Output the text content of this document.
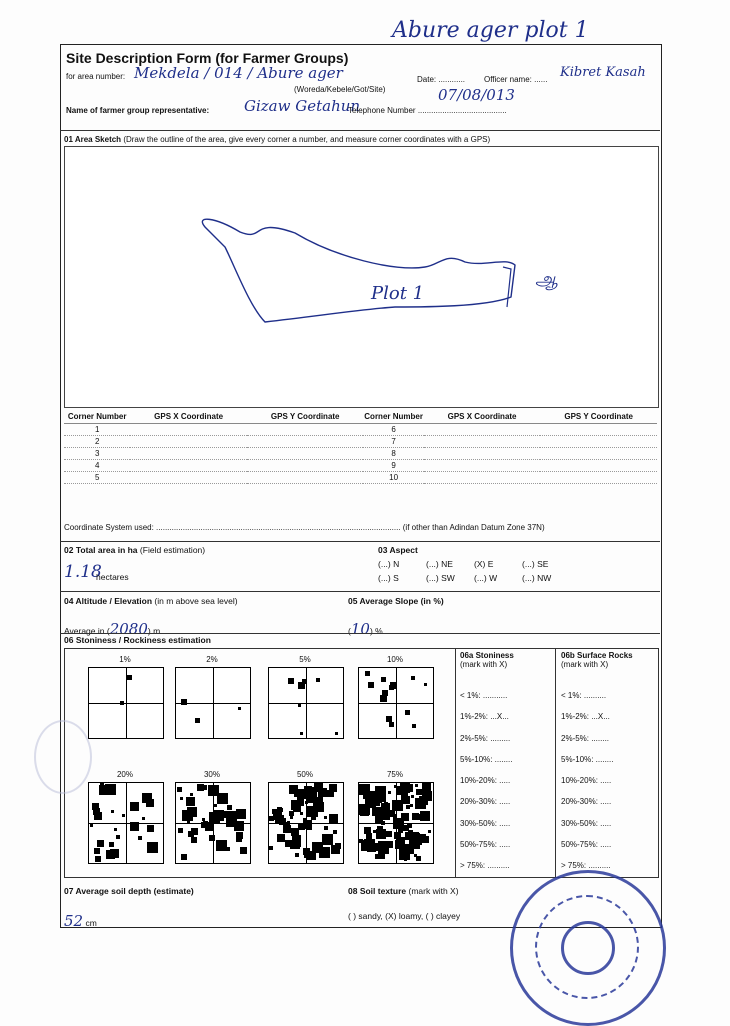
Abure ager plot 1
Site Description Form (for Farmer Groups)
for area number: Mekdela / 014 / Abure ager
(Woreda/Kebele/Got/Site)
Date: ............
07/08/013
Officer name: ...... Kibret Kasah
Name of farmer group representative: Gizaw Getahun
Telephone Number ........................................
01 Area Sketch (Draw the outline of the area, give every corner a number, and measure corner coordinates with a GPS)
Plot 1
ஆ
Corner Number	GPS X Coordinate	GPS Y Coordinate	Corner Number	GPS X Coordinate	GPS Y Coordinate
1			6		
2			7		
3			8		
4			9		
5			10		
Coordinate System used: .............................................................................................................. (if other than Adindan Datum Zone 37N)
02 Total area in ha (Field estimation)
1.18
hectares
03 Aspect
(...) N	(...) NE (X) E	(...) SE
(...) S	(...) SW (...) W	(...) NW
04 Altitude / Elevation (in m above sea level)
Average in (2080) m
05 Average Slope (in %)
(10) %
06 Stoniness / Rockiness estimation
1%	2%	5%	10%
20%	30%	50%	75%
06a Stoniness
(mark with X)
06b Surface Rocks
(mark with X)
< 1%: ...........
1%-2%: ...X...
2%-5%: .........
5%-10%: ........
10%-20%: .....
20%-30%: .....
30%-50%: .....
50%-75%: .....
> 75%: ..........
< 1%: ..........
1%-2%: ...X...
2%-5%: ........
5%-10%: ........
10%-20%: .....
20%-30%: .....
30%-50%: .....
50%-75%: .....
> 75%: ..........
07 Average soil depth (estimate)
52 cm
08 Soil texture (mark with X)
( ) sandy, (X) loamy, ( ) clayey
